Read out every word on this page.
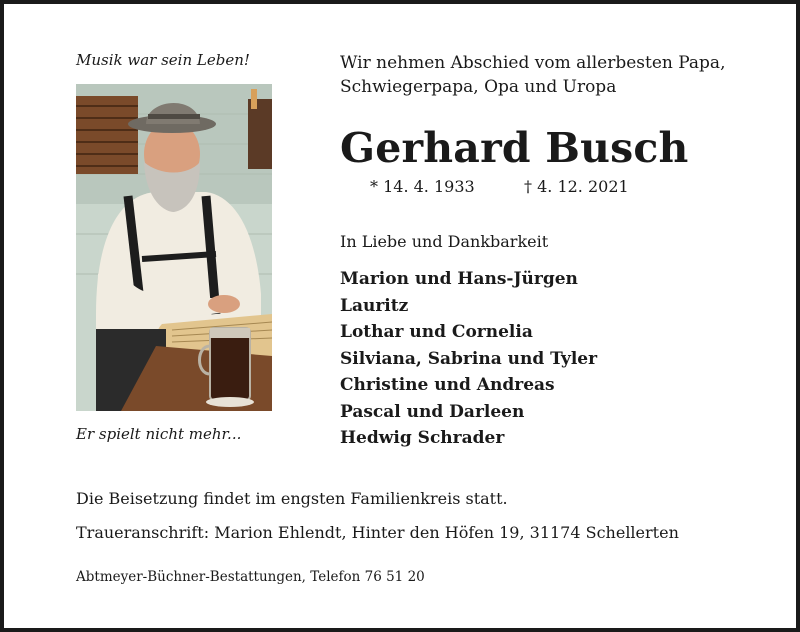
Musik war sein Leben!
Er spielt nicht mehr...
Wir nehmen Abschied vom allerbesten Papa,
Schwiegerpapa, Opa und Uropa
Gerhard Busch
* 14. 4. 1933	† 4. 12. 2021
In Liebe und Dankbarkeit
Marion und Hans-Jürgen
Lauritz
Lothar und Cornelia
Silviana, Sabrina und Tyler
Christine und Andreas
Pascal und Darleen
Hedwig Schrader
Die Beisetzung findet im engsten Familienkreis statt.
Traueranschrift: Marion Ehlendt, Hinter den Höfen 19, 31174 Schellerten
Abtmeyer-Büchner-Bestattungen, Telefon 76 51 20
